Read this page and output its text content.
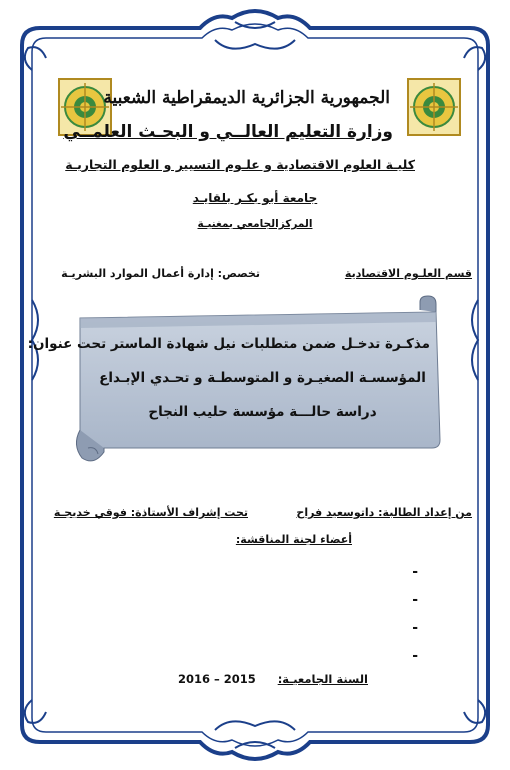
الجمهورية الجزائرية الديمقراطية الشعبية
وزارة التعليم العالــي و البحـث العلمــي
كليـة العلوم الاقتصادية و علـوم التسيير و العلوم التجاريـة
جامعة أبو بكـر بلقايـد
المركزالجامعي بمغنيـة
قسم العلـوم الاقتصادية
تخصص: إدارة أعمال الموارد البشريـة
مذكـرة تدخـل ضمن متطلبات نيل شهادة الماستر تحت عنوان:
المؤسسـة الصغيـرة و المتوسطـة و تحـدي الإبـداع
دراسة حالـــة مؤسسة حليب النجاح
من إعداد الطالبة: داتوسعيد فراح
تحت إشراف الأستاذة: فوقي خديجـة
أعضاء لجنة المناقشة:
-
-
-
-
السنة الجامعيـة:
2016 – 2015
